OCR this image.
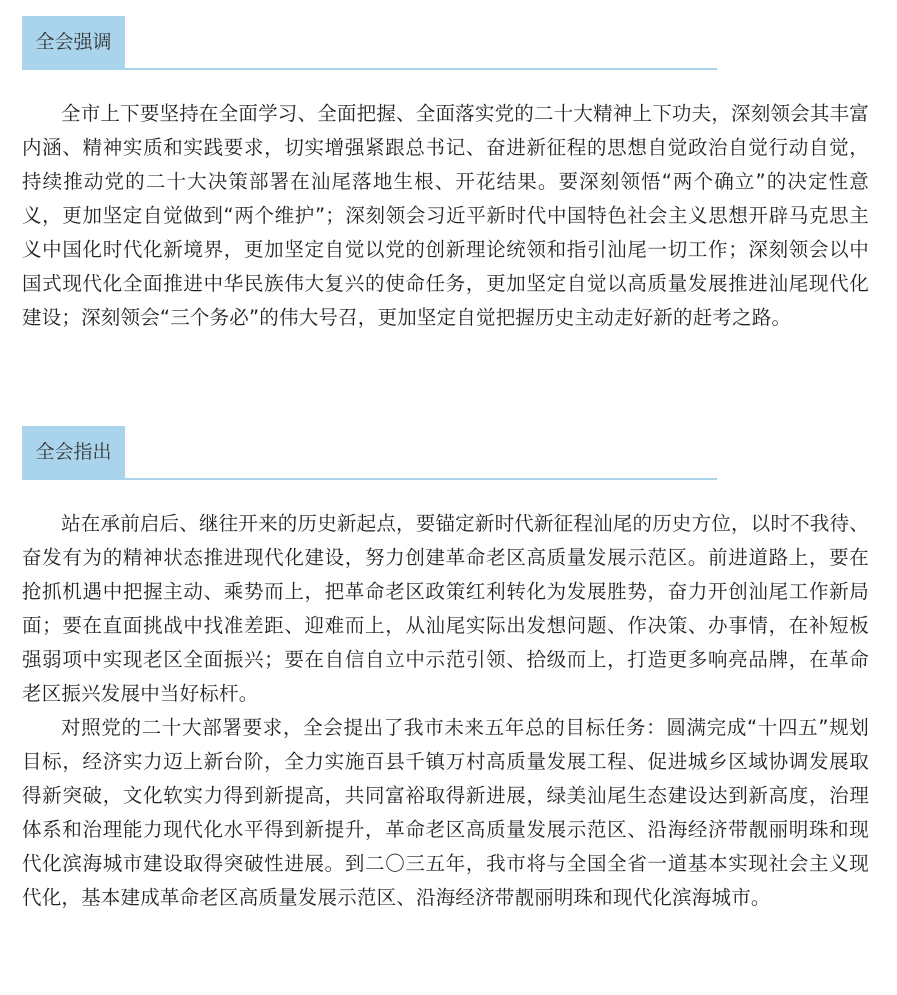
全会强调

全市上下要坚持在全面学习、全面把握、全面落实党的二十大精神上下功夫，深刻领会其丰富内涵、精神实质和实践要求，切实增强紧跟总书记、奋进新征程的思想自觉政治自觉行动自觉，持续推动党的二十大决策部署在汕尾落地生根、开花结果。要深刻领悟“两个确立”的决定性意义，更加坚定自觉做到“两个维护”；深刻领会习近平新时代中国特色社会主义思想开辟马克思主义中国化时代化新境界，更加坚定自觉以党的创新理论统领和指引汕尾一切工作；深刻领会以中国式现代化全面推进中华民族伟大复兴的使命任务，更加坚定自觉以高质量发展推进汕尾现代化建设；深刻领会“三个务必”的伟大号召，更加坚定自觉把握历史主动走好新的赶考之路。

全会指出

站在承前启后、继往开来的历史新起点，要锚定新时代新征程汕尾的历史方位，以时不我待、奋发有为的精神状态推进现代化建设，努力创建革命老区高质量发展示范区。前进道路上，要在抢抓机遇中把握主动、乘势而上，把革命老区政策红利转化为发展胜势，奋力开创汕尾工作新局面；要在直面挑战中找准差距、迎难而上，从汕尾实际出发想问题、作决策、办事情，在补短板强弱项中实现老区全面振兴；要在自信自立中示范引领、拾级而上，打造更多响亮品牌，在革命老区振兴发展中当好标杆。

对照党的二十大部署要求，全会提出了我市未来五年总的目标任务：圆满完成“十四五”规划目标，经济实力迈上新台阶，全力实施百县千镇万村高质量发展工程、促进城乡区域协调发展取得新突破，文化软实力得到新提高，共同富裕取得新进展，绿美汕尾生态建设达到新高度，治理体系和治理能力现代化水平得到新提升，革命老区高质量发展示范区、沿海经济带靓丽明珠和现代化滨海城市建设取得突破性进展。到二〇三五年，我市将与全国全省一道基本实现社会主义现代化，基本建成革命老区高质量发展示范区、沿海经济带靓丽明珠和现代化滨海城市。
